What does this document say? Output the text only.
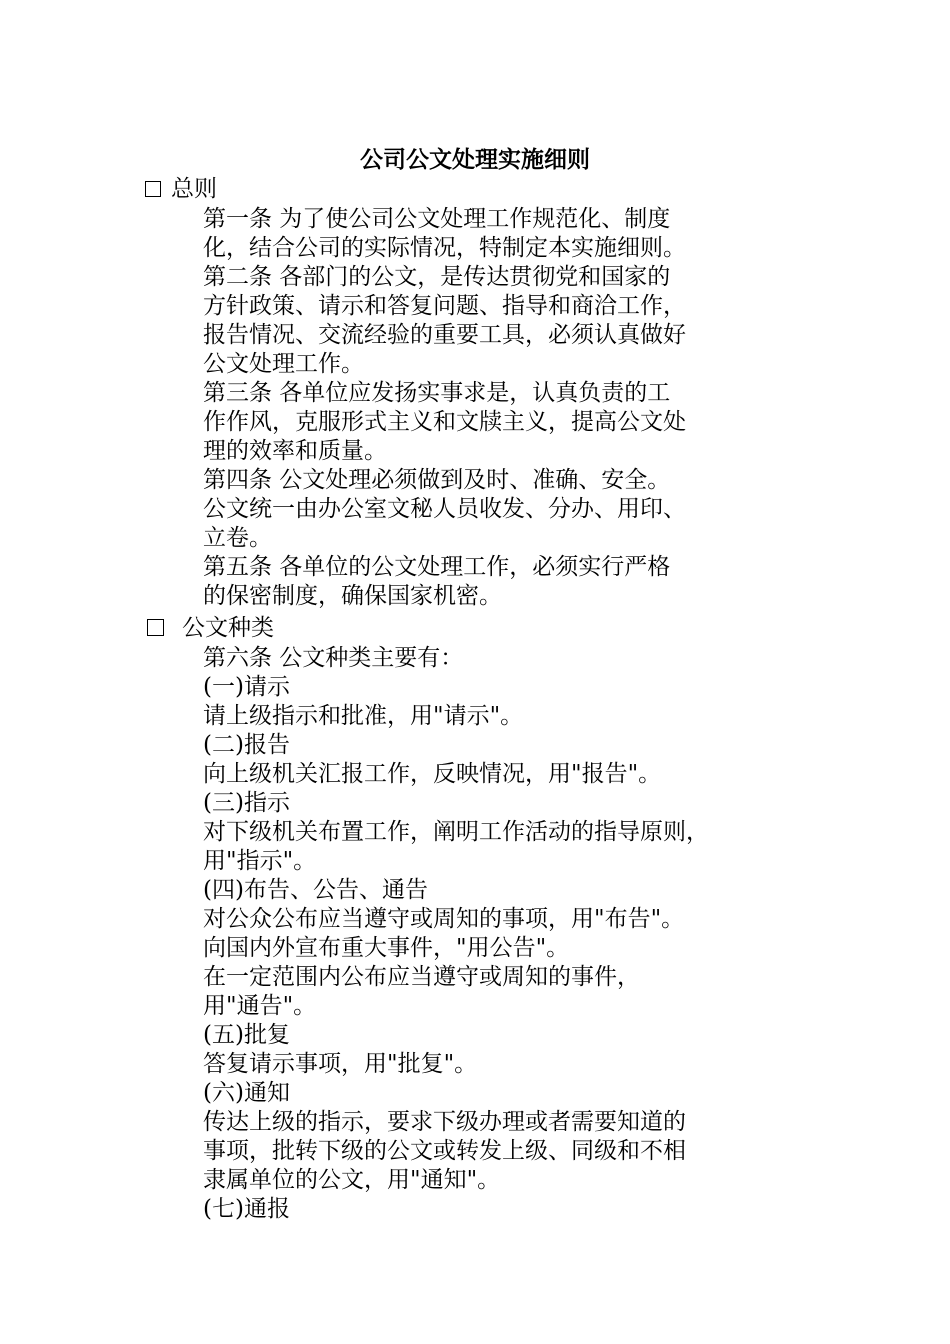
公司公文处理实施细则
总则

第一条 为了使公司公文处理工作规范化、制度

化，结合公司的实际情况，特制定本实施细则。

第二条 各部门的公文，是传达贯彻党和国家的

方针政策、请示和答复问题、指导和商洽工作，

报告情况、交流经验的重要工具，必须认真做好

公文处理工作。

第三条 各单位应发扬实事求是，认真负责的工

作作风，克服形式主义和文牍主义，提高公文处

理的效率和质量。

第四条 公文处理必须做到及时、准确、安全。

公文统一由办公室文秘人员收发、分办、用印、

立卷。

第五条 各单位的公文处理工作，必须实行严格

的保密制度，确保国家机密。

公文种类

第六条 公文种类主要有：

(一)请示

请上级指示和批准，用"请示"。

(二)报告

向上级机关汇报工作，反映情况，用"报告"。

(三)指示

对下级机关布置工作，阐明工作活动的指导原则，

用"指示"。

(四)布告、公告、通告

对公众公布应当遵守或周知的事项，用"布告"。

向国内外宣布重大事件，"用公告"。

在一定范围内公布应当遵守或周知的事件，

用"通告"。

(五)批复

答复请示事项，用"批复"。

(六)通知

传达上级的指示，要求下级办理或者需要知道的

事项，批转下级的公文或转发上级、同级和不相

隶属单位的公文，用"通知"。

(七)通报
